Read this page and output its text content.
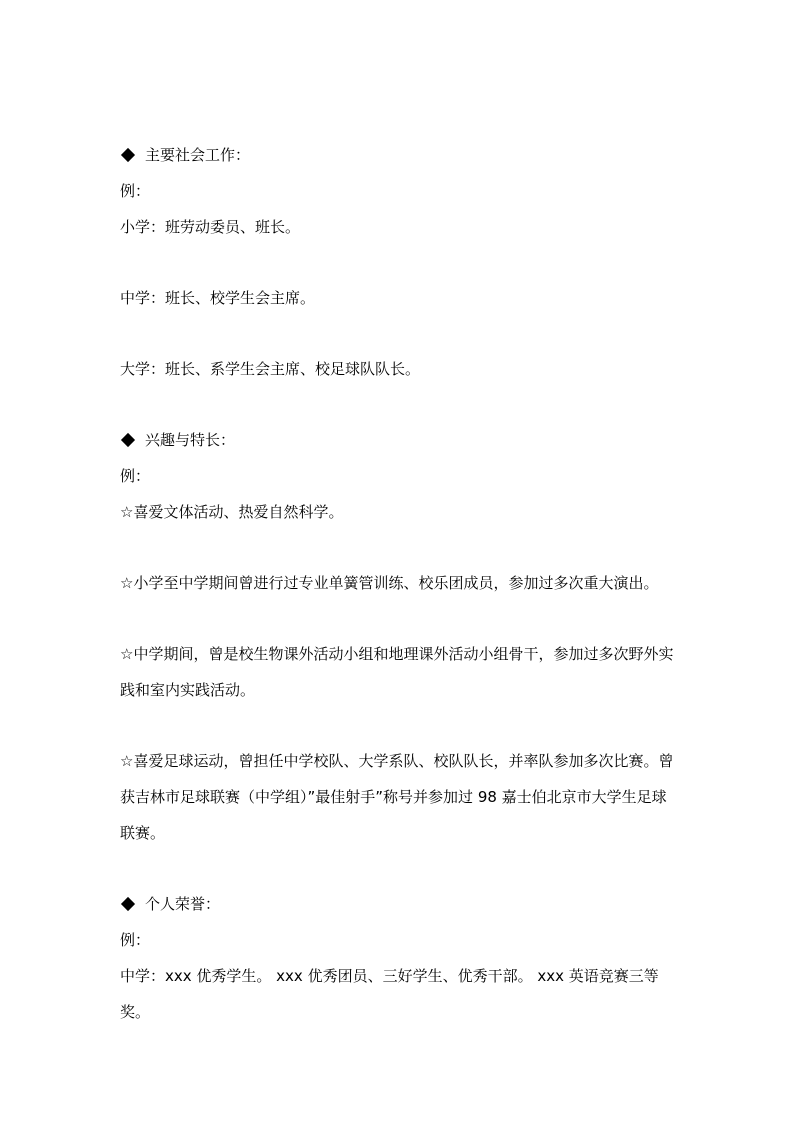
主要社会工作：
例：
小学：班劳动委员、班长。
中学：班长、校学生会主席。
大学：班长、系学生会主席、校足球队队长。
兴趣与特长：
例：
☆喜爱文体活动、热爱自然科学。
☆小学至中学期间曾进行过专业单簧管训练、校乐团成员，参加过多次重大演出。
☆中学期间，曾是校生物课外活动小组和地理课外活动小组骨干，参加过多次野外实践和室内实践活动。
☆喜爱足球运动，曾担任中学校队、大学系队、校队队长，并率队参加多次比赛。曾获吉林市足球联赛（中学组）”最佳射手”称号并参加过 98 嘉士伯北京市大学生足球联赛。
个人荣誉：
例：
中学：xxx 优秀学生。 xxx 优秀团员、三好学生、优秀干部。 xxx 英语竞赛三等奖。
